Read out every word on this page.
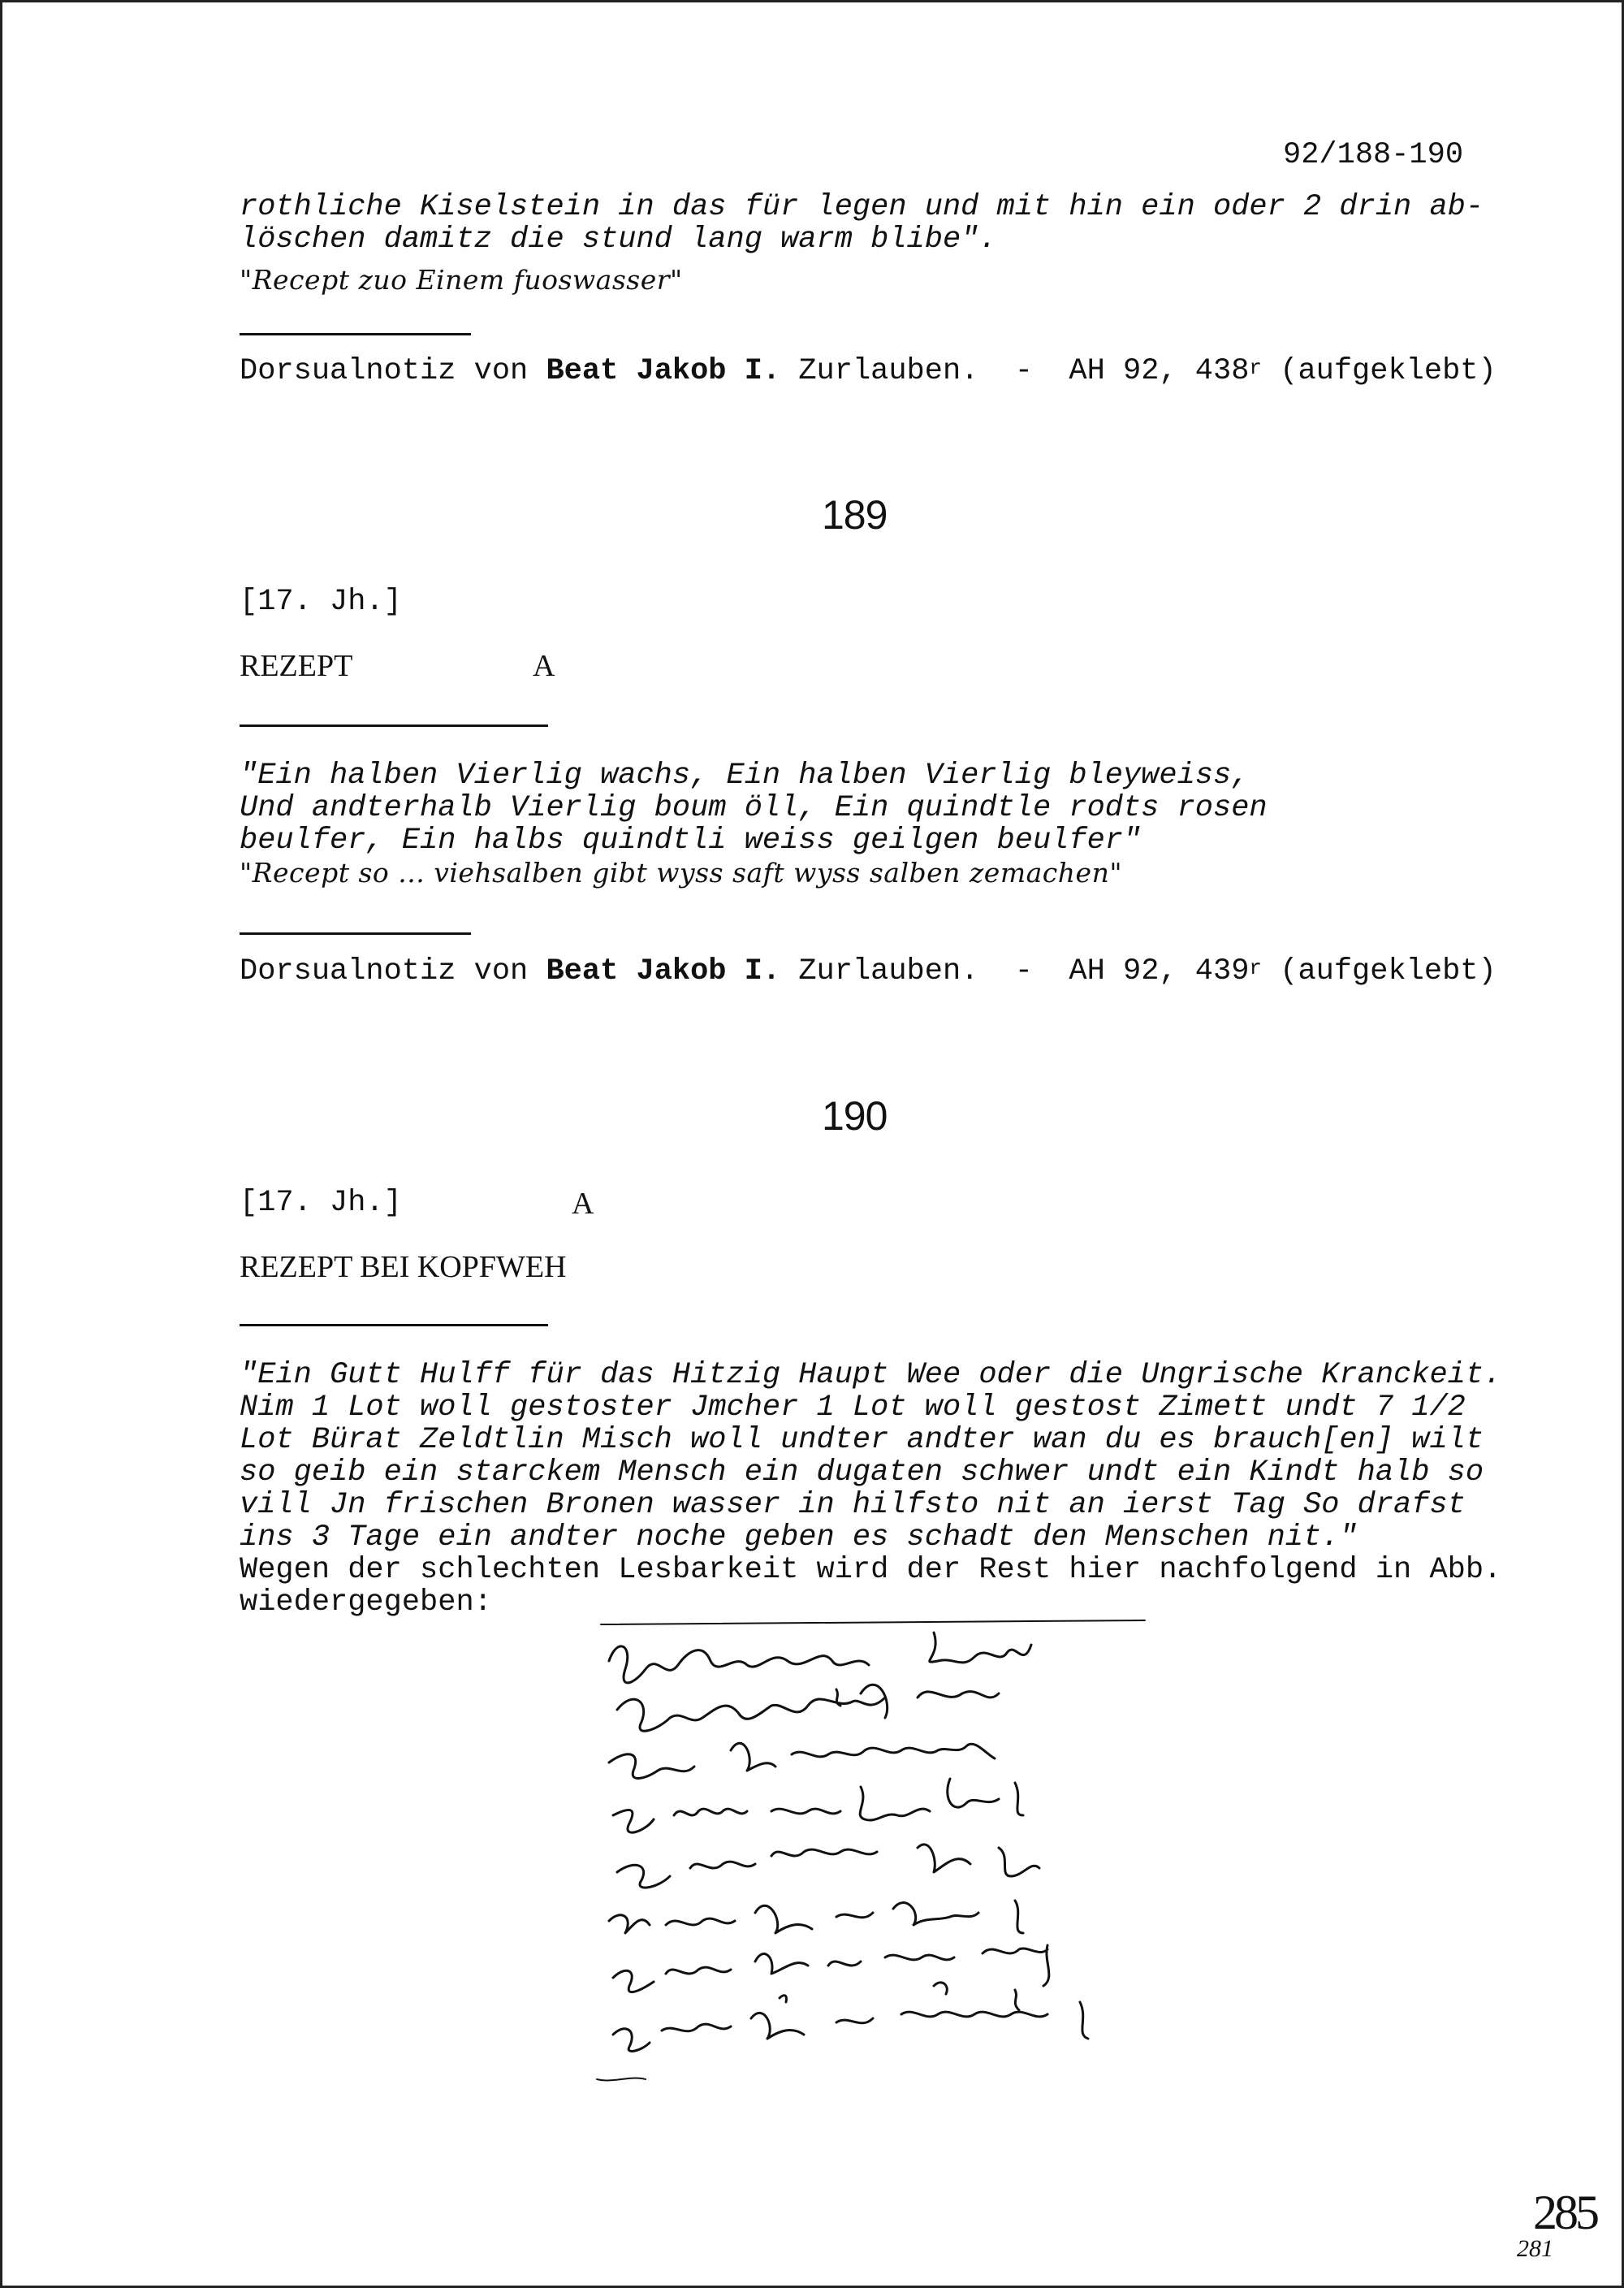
92/188-190
rothliche Kiselstein in das für legen und mit hin ein oder 2 drin ab-
löschen damitz die stund lang warm blibe".
"Recept zuo Einem fuoswasser"
Dorsualnotiz von Beat Jakob I. Zurlauben.  -  AH 92, 438$^r$ (aufgeklebt)
189
[17. Jh.]
REZEPT	A
"Ein halben Vierlig wachs, Ein halben Vierlig bleyweiss,
Und andterhalb Vierlig boum öll, Ein quindtle rodts rosen
beulfer, Ein halbs quindtli weiss geilgen beulfer"
"Recept so ... viehsalben gibt wyss saft wyss salben zemachen"
Dorsualnotiz von Beat Jakob I. Zurlauben.  -  AH 92, 439$^r$ (aufgeklebt)
190
[17. Jh.]	A
REZEPT BEI KOPFWEH
"Ein Gutt Hulff für das Hitzig Haupt Wee oder die Ungrische Kranckeit.
Nim 1 Lot woll gestoster Jmcher 1 Lot woll gestost Zimett undt 7 1/2
Lot Bürat Zeldtlin Misch woll undter andter wan du es brauch[en] wilt
so geib ein starckem Mensch ein dugaten schwer undt ein Kindt halb so
vill Jn frischen Bronen wasser in hilfsto nit an ierst Tag So drafst
ins 3 Tage ein andter noche geben es schadt den Menschen nit."
Wegen der schlechten Lesbarkeit wird der Rest hier nachfolgend in Abb.
wiedergegeben:
285
281
